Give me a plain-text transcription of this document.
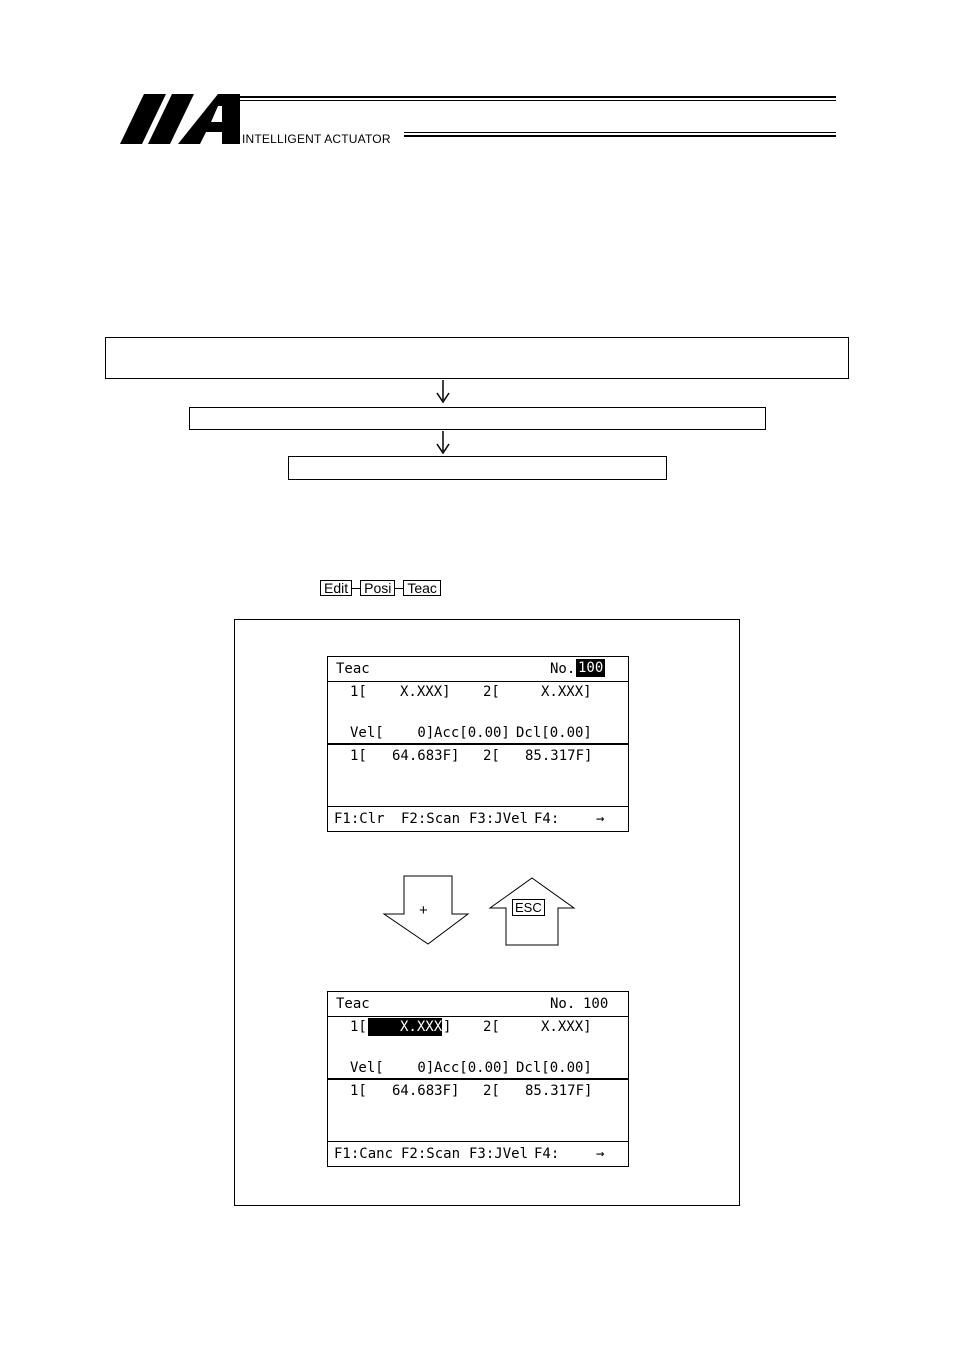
INTELLIGENT ACTUATOR
Edit Posi Teac
Teac	No. 100
1[ X.XXX] 2[	X.XXX]
Vel[    0] Acc[0.00] Dcl[0.00]
1[ 64.683F] 2[ 85.317F]
F1:Clr F2:Scan F3:JVel F4:	→
+	ESC
Teac	No. 100
1[	X.XXX ] 2[	X.XXX]
Vel[    0] Acc[0.00] Dcl[0.00]
1[ 64.683F] 2[ 85.317F]
F1:Canc F2:Scan F3:JVel F4:	→
